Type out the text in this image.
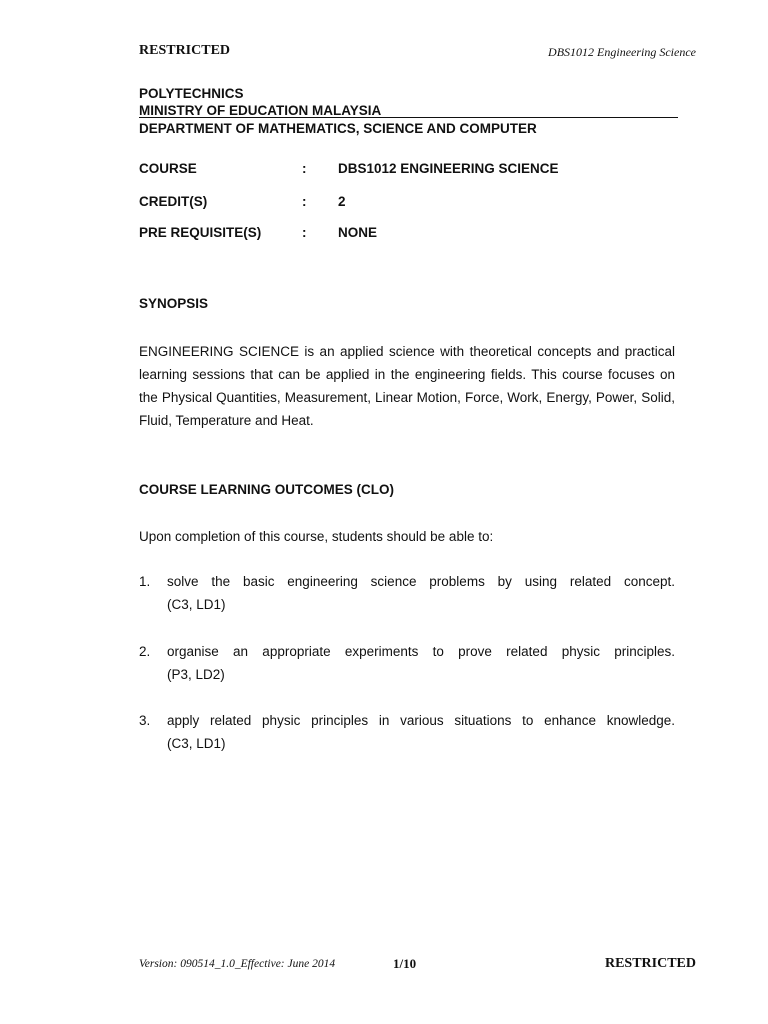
RESTRICTED	DBS1012 Engineering Science
POLYTECHNICS
MINISTRY OF EDUCATION MALAYSIA
DEPARTMENT OF MATHEMATICS, SCIENCE AND COMPUTER
COURSE	: DBS1012 ENGINEERING SCIENCE
CREDIT(S)	: 2
PRE REQUISITE(S)	: NONE
SYNOPSIS
ENGINEERING SCIENCE is an applied science with theoretical concepts and practical learning sessions that can be applied in the engineering fields. This course focuses on the Physical Quantities, Measurement, Linear Motion, Force, Work, Energy, Power, Solid, Fluid, Temperature and Heat.
COURSE LEARNING OUTCOMES (CLO)
Upon completion of this course, students should be able to:
1. solve the basic engineering science problems by using related concept.
(C3, LD1)
2. organise an appropriate experiments to prove related physic principles.
(P3, LD2)
3. apply related physic principles in various situations to enhance knowledge.
(C3, LD1)
Version: 090514_1.0_Effective: June 2014	1/10	RESTRICTED
